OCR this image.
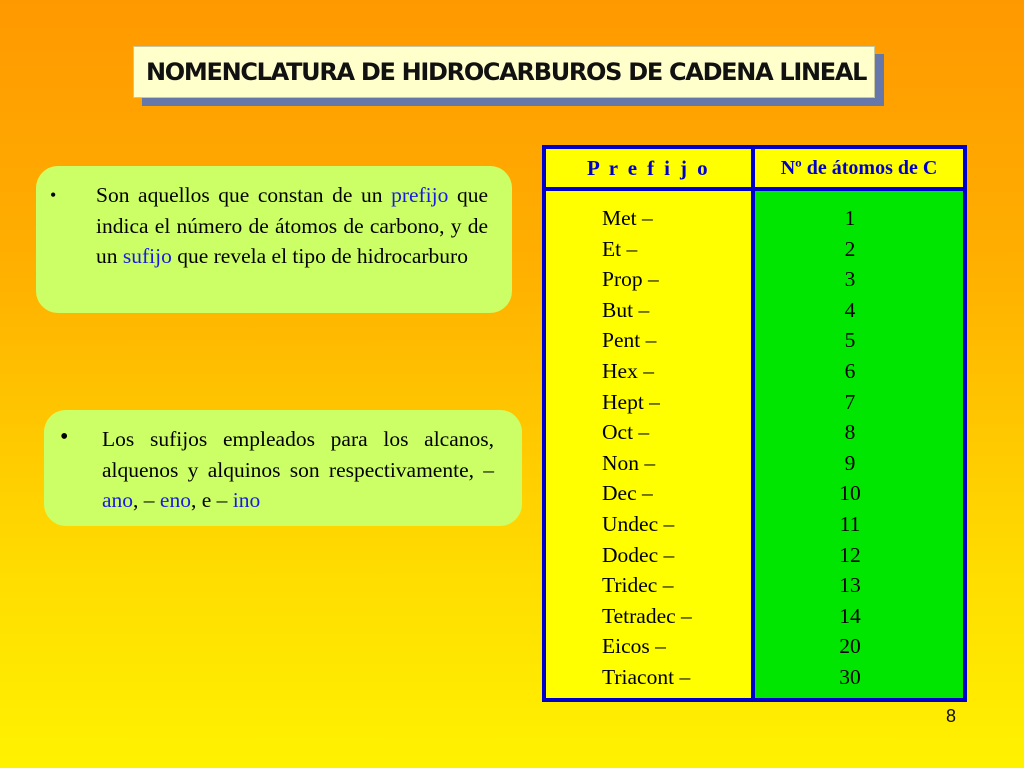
NOMENCLATURA DE HIDROCARBUROS DE CADENA LINEAL
• Son aquellos que constan de un prefijo que indica el número de átomos de carbono, y de un sufijo que revela el tipo de hidrocarburo

• Los sufijos empleados para los alcanos, alquenos y alquinos son respectivamente, – ano, – eno, e – ino

P r e f i j o	Nº de átomos de C
Met –
Et –
Prop –
But –
Pent –
Hex –
Hept –
Oct –
Non –
Dec –
Undec –
Dodec –
Tridec –
Tetradec –
Eicos –
Triacont –
1
2
3
4
5
6
7
8
9
10
11
12
13
14
20
30
8
